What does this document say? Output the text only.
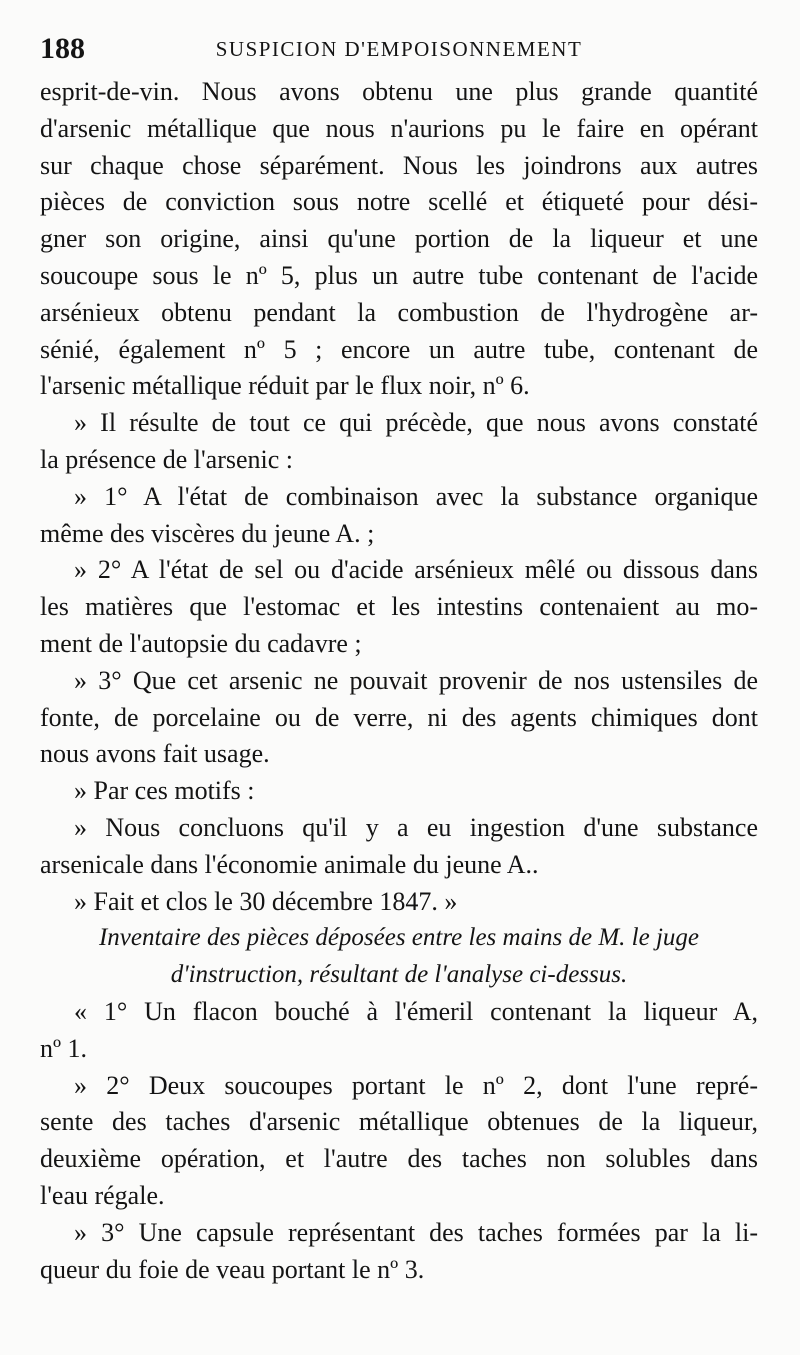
188	SUSPICION D'EMPOISONNEMENT
esprit-de-vin. Nous avons obtenu une plus grande quantité
d'arsenic métallique que nous n'aurions pu le faire en opérant
sur chaque chose séparément. Nous les joindrons aux autres
pièces de conviction sous notre scellé et étiqueté pour dési-
gner son origine, ainsi qu'une portion de la liqueur et une
soucoupe sous le nº 5, plus un autre tube contenant de l'acide
arsénieux obtenu pendant la combustion de l'hydrogène ar-
sénié, également nº 5 ; encore un autre tube, contenant de
l'arsenic métallique réduit par le flux noir, nº 6.
» Il résulte de tout ce qui précède, que nous avons constaté
la présence de l'arsenic :
» 1° A l'état de combinaison avec la substance organique
même des viscères du jeune A. ;
» 2° A l'état de sel ou d'acide arsénieux mêlé ou dissous dans
les matières que l'estomac et les intestins contenaient au mo-
ment de l'autopsie du cadavre ;
» 3° Que cet arsenic ne pouvait provenir de nos ustensiles de
fonte, de porcelaine ou de verre, ni des agents chimiques dont
nous avons fait usage.
» Par ces motifs :
» Nous concluons qu'il y a eu ingestion d'une substance
arsenicale dans l'économie animale du jeune A..
» Fait et clos le 30 décembre 1847. »
Inventaire des pièces déposées entre les mains de M. le juge
d'instruction, résultant de l'analyse ci-dessus.
« 1° Un flacon bouché à l'émeril contenant la liqueur A,
nº 1.
» 2° Deux soucoupes portant le nº 2, dont l'une repré-
sente des taches d'arsenic métallique obtenues de la liqueur,
deuxième opération, et l'autre des taches non solubles dans
l'eau régale.
» 3° Une capsule représentant des taches formées par la li-
queur du foie de veau portant le nº 3.
